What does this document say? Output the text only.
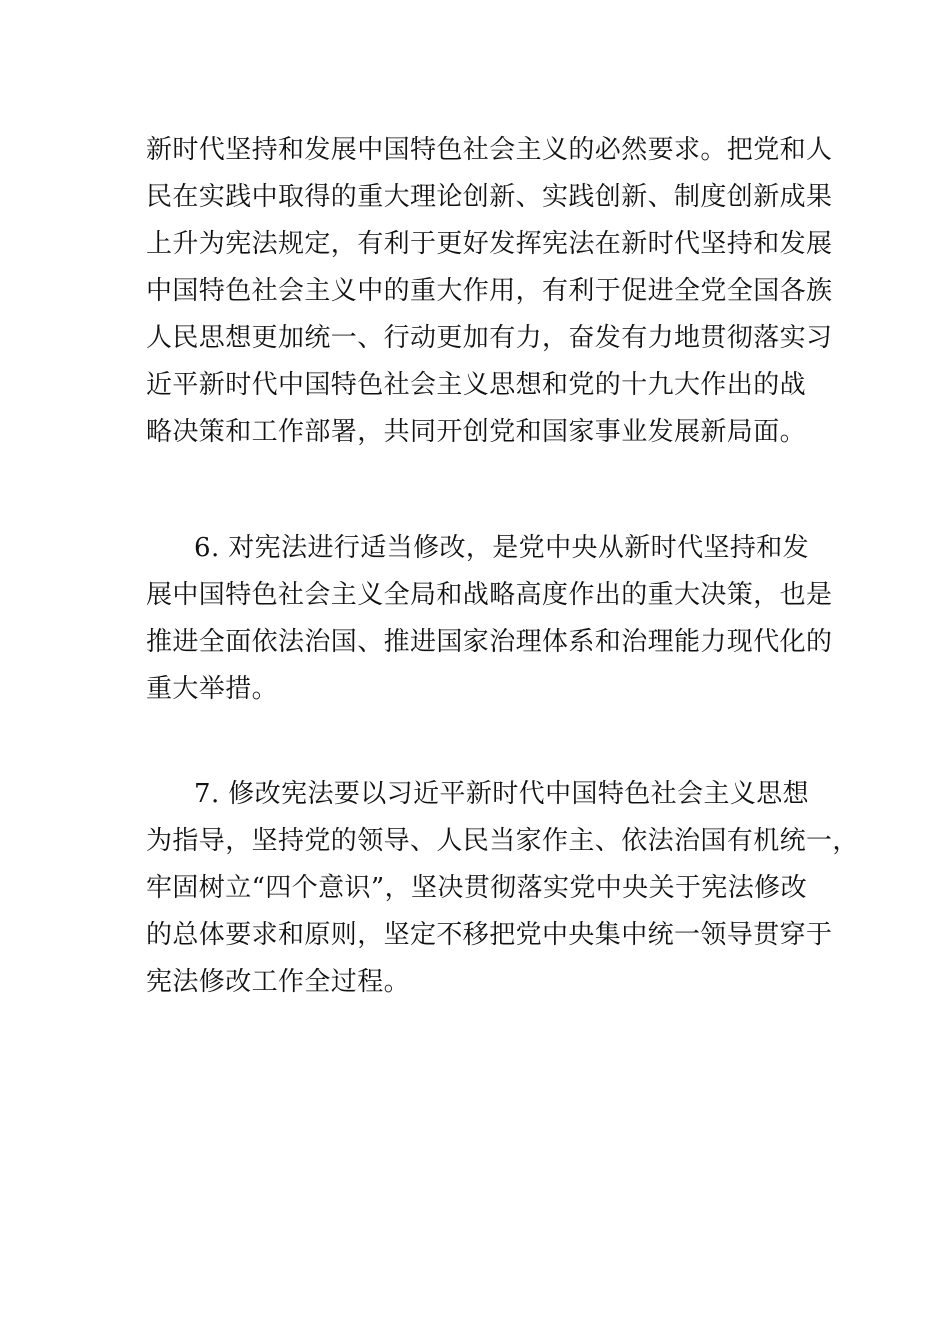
新时代坚持和发展中国特色社会主义的必然要求。把党和人
民在实践中取得的重大理论创新、实践创新、制度创新成果
上升为宪法规定，有利于更好发挥宪法在新时代坚持和发展
中国特色社会主义中的重大作用，有利于促进全党全国各族
人民思想更加统一、行动更加有力，奋发有力地贯彻落实习
近平新时代中国特色社会主义思想和党的十九大作出的战
略决策和工作部署，共同开创党和国家事业发展新局面。
6. 对宪法进行适当修改，是党中央从新时代坚持和发
展中国特色社会主义全局和战略高度作出的重大决策，也是
推进全面依法治国、推进国家治理体系和治理能力现代化的
重大举措。
7. 修改宪法要以习近平新时代中国特色社会主义思想
为指导，坚持党的领导、人民当家作主、依法治国有机统一，
牢固树立“四个意识”，坚决贯彻落实党中央关于宪法修改
的总体要求和原则，坚定不移把党中央集中统一领导贯穿于
宪法修改工作全过程。
